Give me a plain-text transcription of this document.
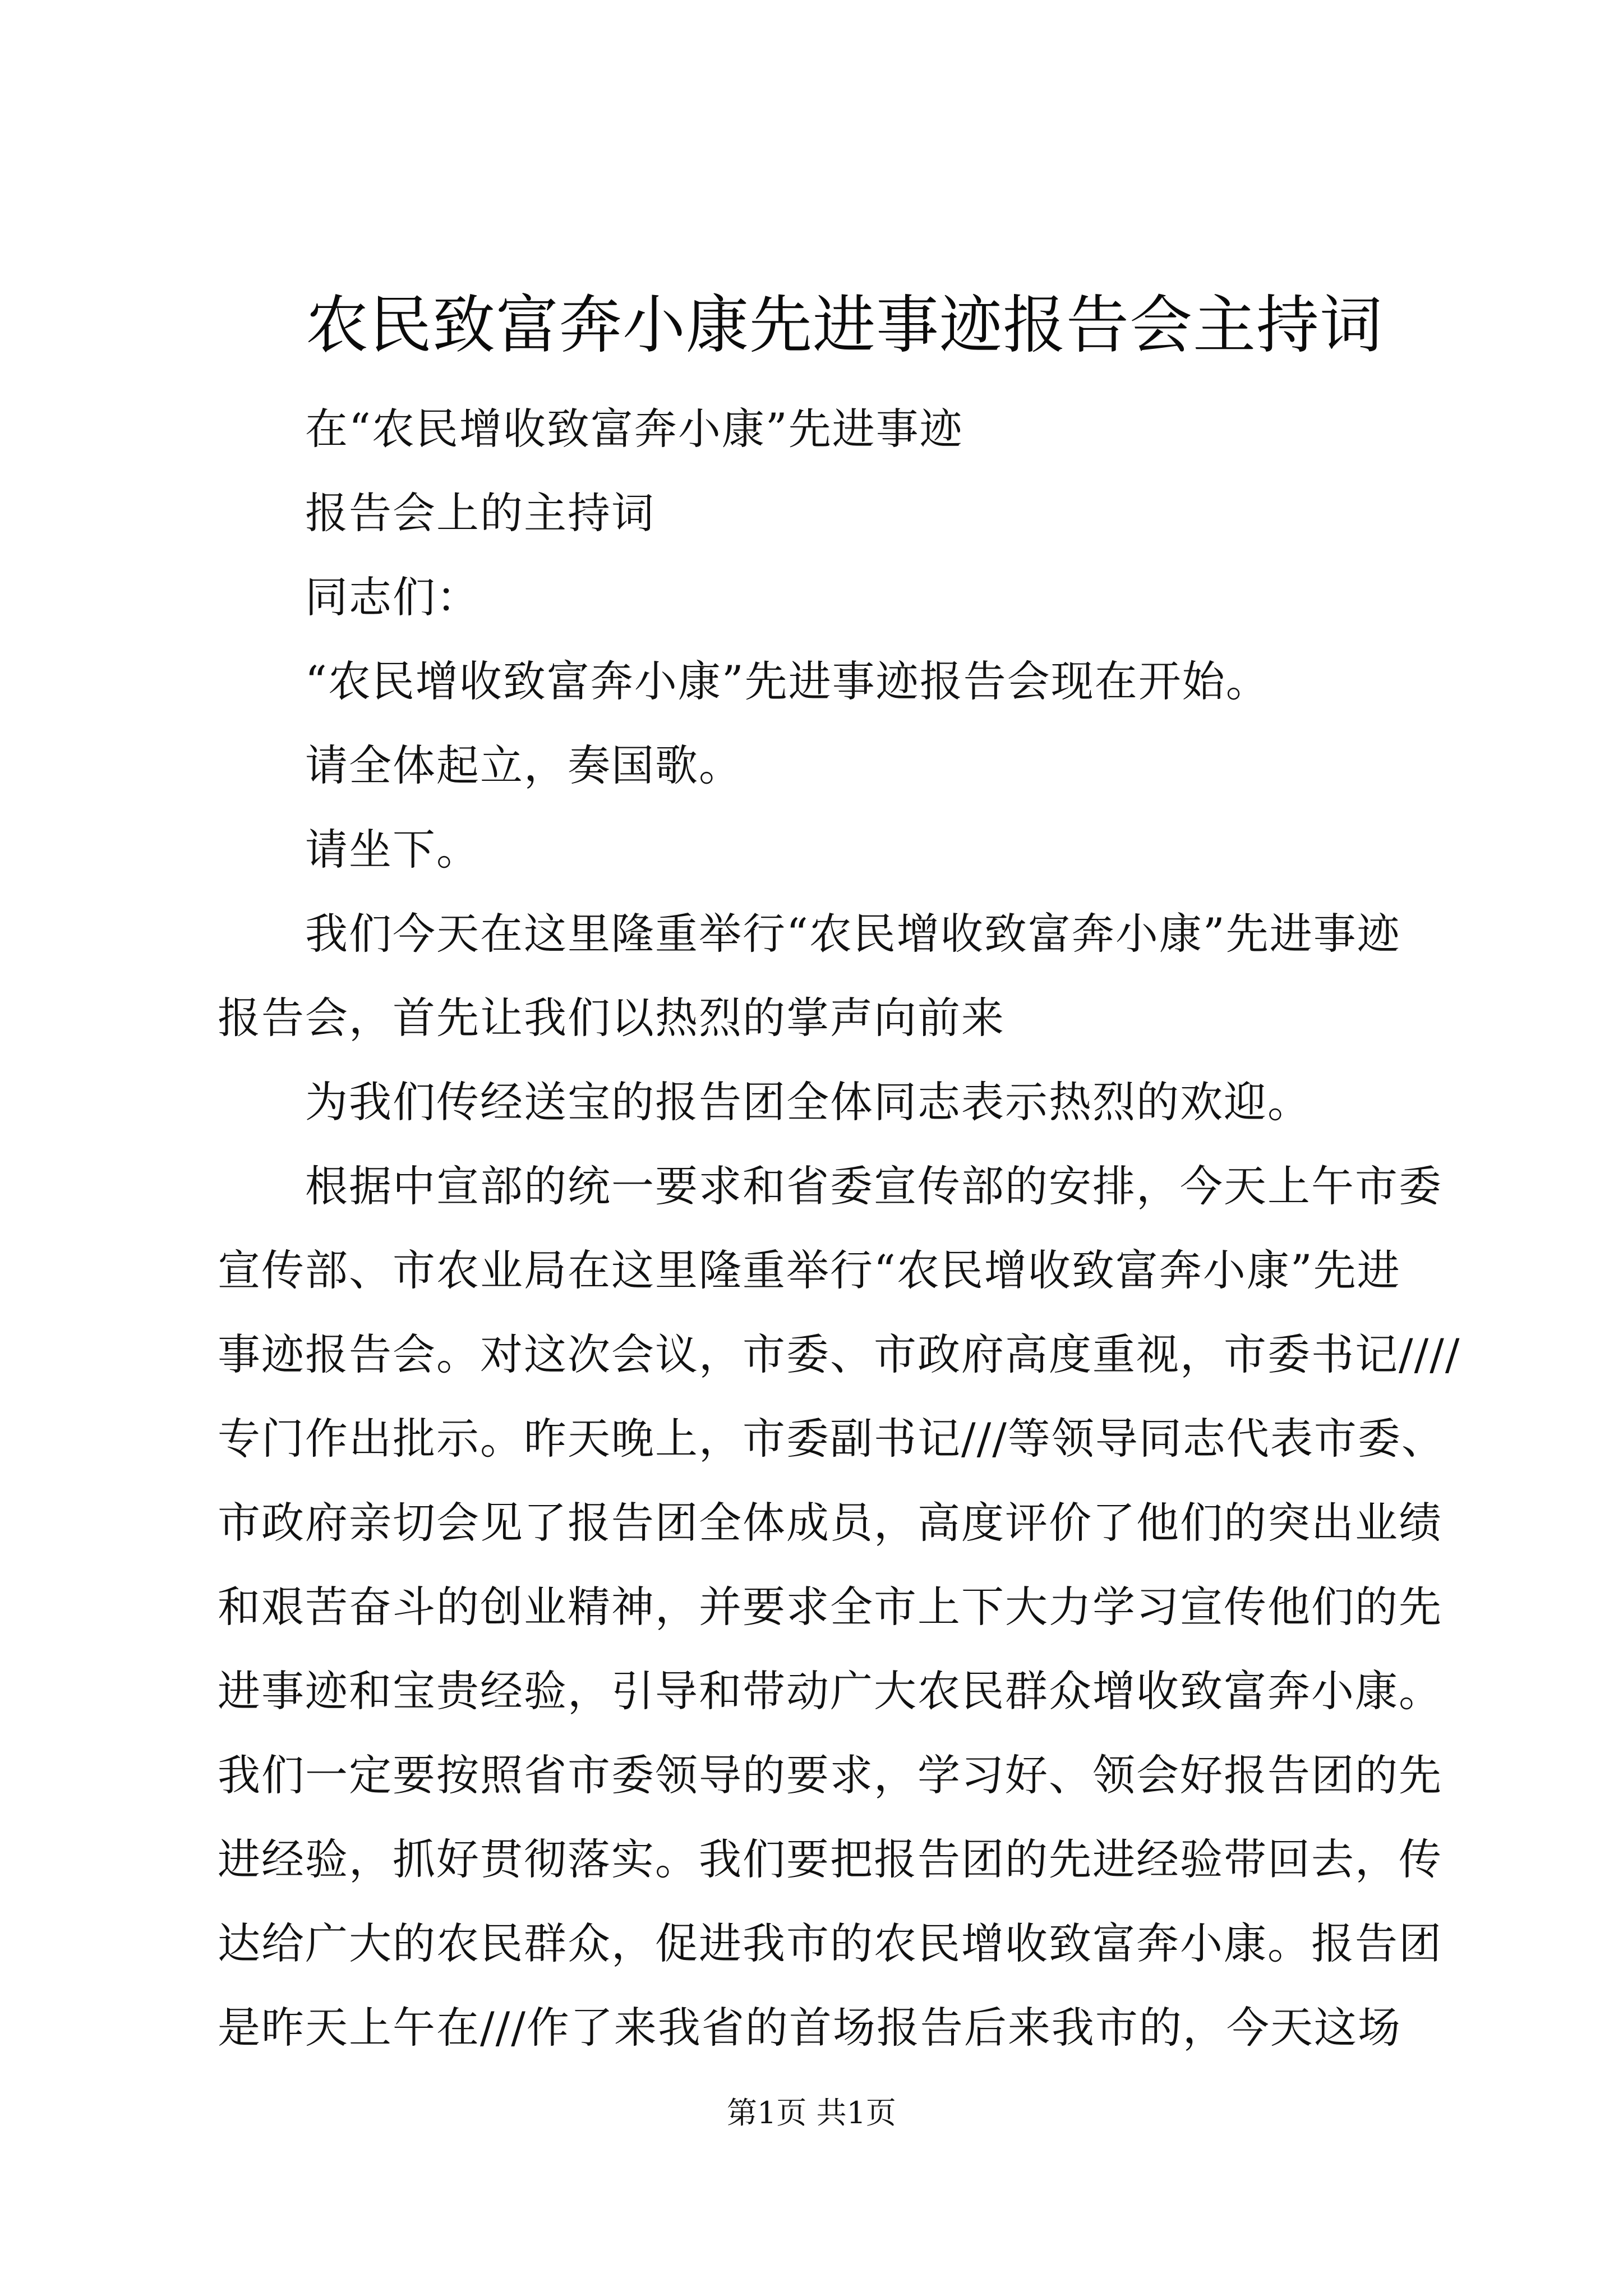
农民致富奔小康先进事迹报告会主持词
在“农民增收致富奔小康”先进事迹
报告会上的主持词
同志们：
“农民增收致富奔小康”先进事迹报告会现在开始。
请全体起立，奏国歌。
请坐下。
我们今天在这里隆重举行“农民增收致富奔小康”先进事迹
报告会，首先让我们以热烈的掌声向前来
为我们传经送宝的报告团全体同志表示热烈的欢迎。
根据中宣部的统一要求和省委宣传部的安排，今天上午市委
宣传部、市农业局在这里隆重举行“农民增收致富奔小康”先进
事迹报告会。对这次会议，市委、市政府高度重视，市委书记////
专门作出批示。昨天晚上，市委副书记///等领导同志代表市委、
市政府亲切会见了报告团全体成员，高度评价了他们的突出业绩
和艰苦奋斗的创业精神，并要求全市上下大力学习宣传他们的先
进事迹和宝贵经验，引导和带动广大农民群众增收致富奔小康。
我们一定要按照省市委领导的要求，学习好、领会好报告团的先
进经验，抓好贯彻落实。我们要把报告团的先进经验带回去，传
达给广大的农民群众，促进我市的农民增收致富奔小康。报告团
是昨天上午在///作了来我省的首场报告后来我市的，今天这场
第1页 共1页
